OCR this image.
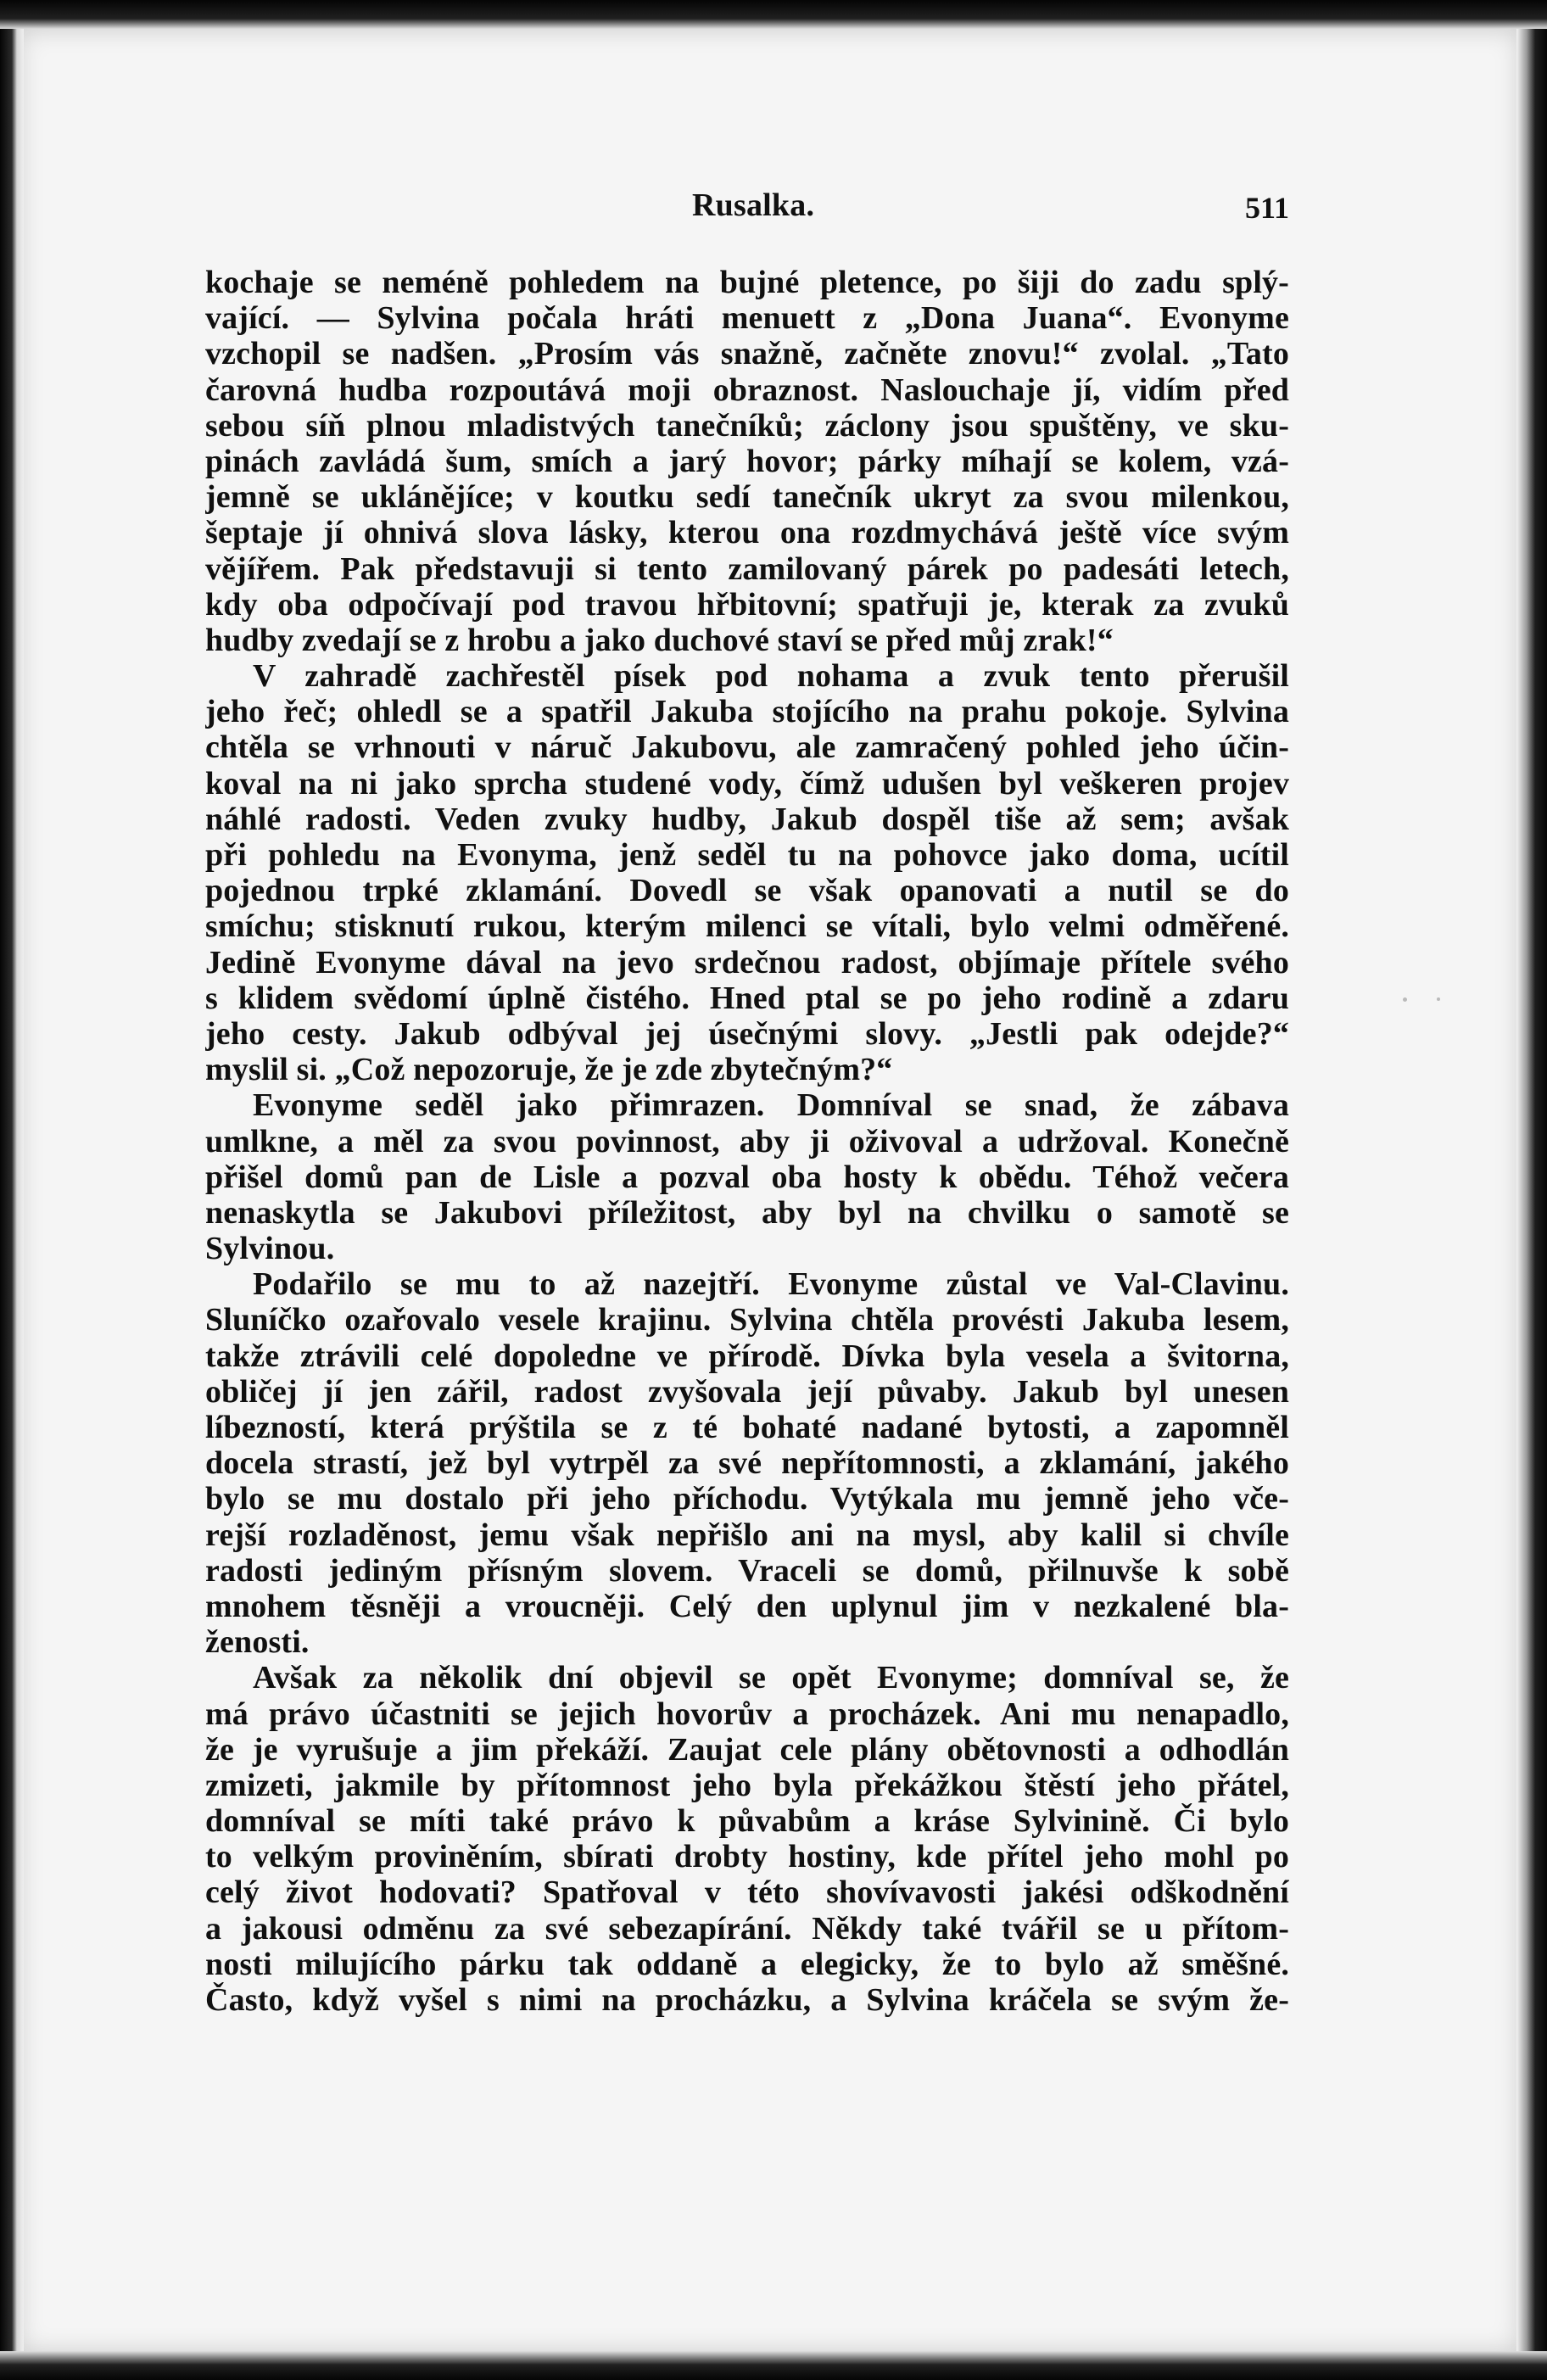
Rusalka.	511
kochaje se neméně pohledem na bujné pletence, po šiji do zadu splý-
vající. — Sylvina počala hráti menuett z „Dona Juana“. Evonyme
vzchopil se nadšen. „Prosím vás snažně, začněte znovu!“ zvolal. „Tato
čarovná hudba rozpoutává moji obraznost. Naslouchaje jí, vidím před
sebou síň plnou mladistvých tanečníků; záclony jsou spuštěny, ve sku-
pinách zavládá šum, smích a jarý hovor; párky míhají se kolem, vzá-
jemně se uklánějíce; v koutku sedí tanečník ukryt za svou milenkou,
šeptaje jí ohnivá slova lásky, kterou ona rozdmychává ještě více svým
vějířem. Pak představuji si tento zamilovaný párek po padesáti letech,
kdy oba odpočívají pod travou hřbitovní; spatřuji je, kterak za zvuků
hudby zvedají se z hrobu a jako duchové staví se před můj zrak!“
V zahradě zachřestěl písek pod nohama a zvuk tento přerušil
jeho řeč; ohledl se a spatřil Jakuba stojícího na prahu pokoje. Sylvina
chtěla se vrhnouti v náruč Jakubovu, ale zamračený pohled jeho účin-
koval na ni jako sprcha studené vody, čímž udušen byl veškeren projev
náhlé radosti. Veden zvuky hudby, Jakub dospěl tiše až sem; avšak
při pohledu na Evonyma, jenž seděl tu na pohovce jako doma, ucítil
pojednou trpké zklamání. Dovedl se však opanovati a nutil se do
smíchu; stisknutí rukou, kterým milenci se vítali, bylo velmi odměřené.
Jedině Evonyme dával na jevo srdečnou radost, objímaje přítele svého
s klidem svědomí úplně čistého. Hned ptal se po jeho rodině a zdaru
jeho cesty. Jakub odbýval jej úsečnými slovy. „Jestli pak odejde?“
myslil si. „Což nepozoruje, že je zde zbytečným?“
Evonyme seděl jako přimrazen. Domníval se snad, že zábava
umlkne, a měl za svou povinnost, aby ji oživoval a udržoval. Konečně
přišel domů pan de Lisle a pozval oba hosty k obědu. Téhož večera
nenaskytla se Jakubovi příležitost, aby byl na chvilku o samotě se
Sylvinou.
Podařilo se mu to až nazejtří. Evonyme zůstal ve Val-Clavinu.
Sluníčko ozařovalo vesele krajinu. Sylvina chtěla provésti Jakuba lesem,
takže ztrávili celé dopoledne ve přírodě. Dívka byla vesela a švitorna,
obličej jí jen zářil, radost zvyšovala její půvaby. Jakub byl unesen
líbezností, která prýštila se z té bohaté nadané bytosti, a zapomněl
docela strastí, jež byl vytrpěl za své nepřítomnosti, a zklamání, jakého
bylo se mu dostalo při jeho příchodu. Vytýkala mu jemně jeho vče-
rejší rozladěnost, jemu však nepřišlo ani na mysl, aby kalil si chvíle
radosti jediným přísným slovem. Vraceli se domů, přilnuvše k sobě
mnohem těsněji a vroucněji. Celý den uplynul jim v nezkalené bla-
ženosti.
Avšak za několik dní objevil se opět Evonyme; domníval se, že
má právo účastniti se jejich hovorův a procházek. Ani mu nenapadlo,
že je vyrušuje a jim překáží. Zaujat cele plány obětovnosti a odhodlán
zmizeti, jakmile by přítomnost jeho byla překážkou štěstí jeho přátel,
domníval se míti také právo k půvabům a kráse Sylvinině. Či bylo
to velkým proviněním, sbírati drobty hostiny, kde přítel jeho mohl po
celý život hodovati? Spatřoval v této shovívavosti jakési odškodnění
a jakousi odměnu za své sebezapírání. Někdy také tvářil se u přítom-
nosti milujícího párku tak oddaně a elegicky, že to bylo až směšné.
Často, když vyšel s nimi na procházku, a Sylvina kráčela se svým že-
